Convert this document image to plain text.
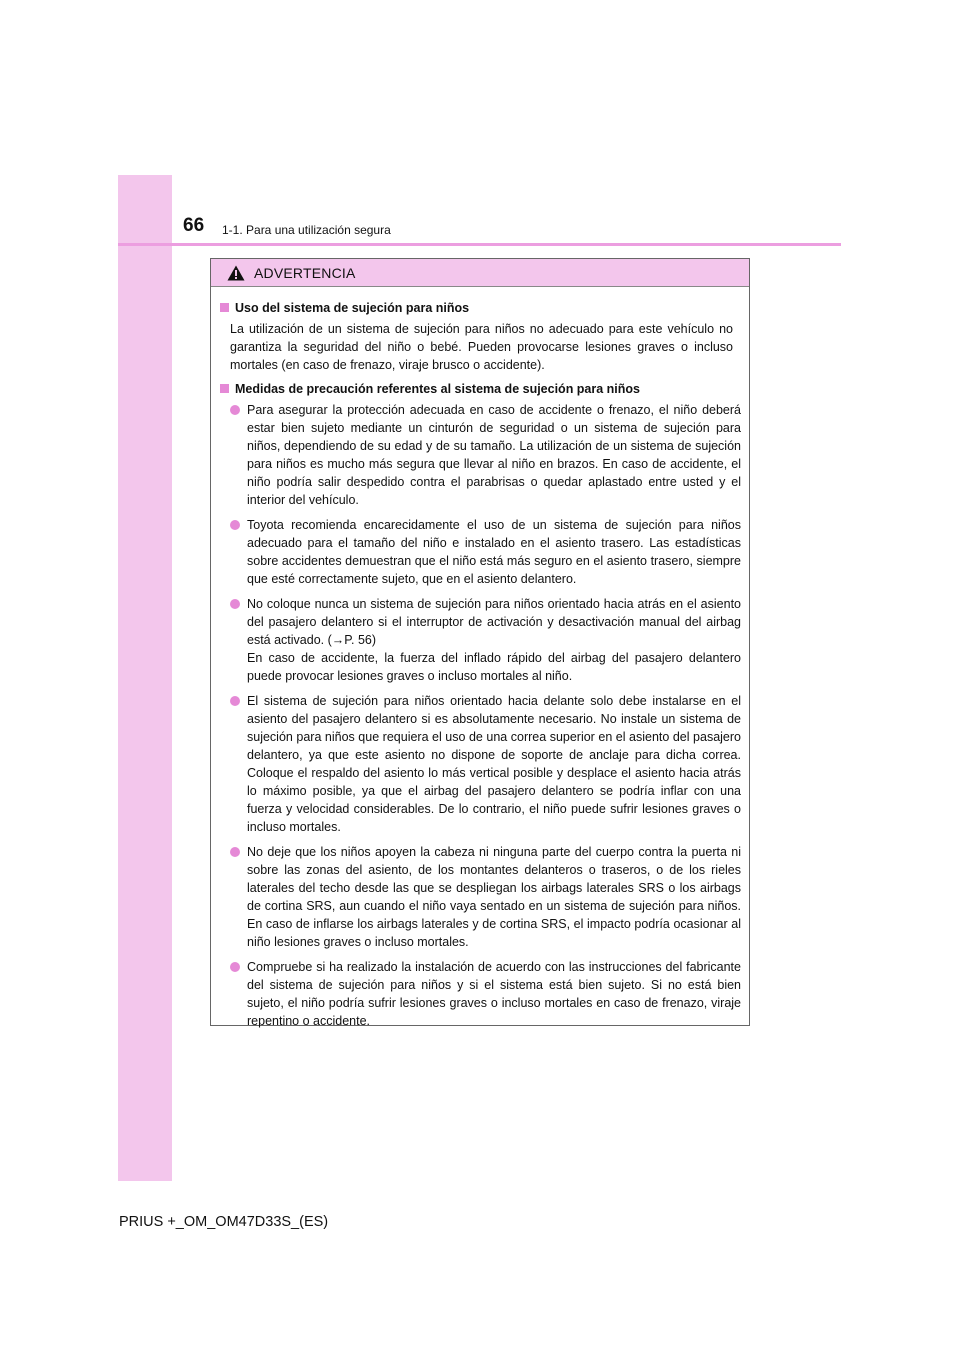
66 1-1. Para una utilización segura
ADVERTENCIA
Uso del sistema de sujeción para niños

La utilización de un sistema de sujeción para niños no adecuado para este vehículo no garantiza la seguridad del niño o bebé. Pueden provocarse lesiones graves o incluso mortales (en caso de frenazo, viraje brusco o accidente).

Medidas de precaución referentes al sistema de sujeción para niños

Para asegurar la protección adecuada en caso de accidente o frenazo, el niño deberá estar bien sujeto mediante un cinturón de seguridad o un sistema de sujeción para niños, dependiendo de su edad y de su tamaño. La utilización de un sistema de sujeción para niños es mucho más segura que llevar al niño en brazos. En caso de accidente, el niño podría salir despedido contra el parabrisas o quedar aplastado entre usted y el interior del vehículo.

Toyota recomienda encarecidamente el uso de un sistema de sujeción para niños adecuado para el tamaño del niño e instalado en el asiento trasero. Las estadísticas sobre accidentes demuestran que el niño está más seguro en el asiento trasero, siempre que esté correctamente sujeto, que en el asiento delantero.

No coloque nunca un sistema de sujeción para niños orientado hacia atrás en el asiento del pasajero delantero si el interruptor de activación y desactivación manual del airbag está activado. (→P. 56)

En caso de accidente, la fuerza del inflado rápido del airbag del pasajero delantero puede provocar lesiones graves o incluso mortales al niño.

El sistema de sujeción para niños orientado hacia delante solo debe instalarse en el asiento del pasajero delantero si es absolutamente necesario. No instale un sistema de sujeción para niños que requiera el uso de una correa superior en el asiento del pasajero delantero, ya que este asiento no dispone de soporte de anclaje para dicha correa. Coloque el respaldo del asiento lo más vertical posible y desplace el asiento hacia atrás lo máximo posible, ya que el airbag del pasajero delantero se podría inflar con una fuerza y velocidad considerables. De lo contrario, el niño puede sufrir lesiones graves o incluso mortales.

No deje que los niños apoyen la cabeza ni ninguna parte del cuerpo contra la puerta ni sobre las zonas del asiento, de los montantes delanteros o traseros, o de los rieles laterales del techo desde las que se despliegan los airbags laterales SRS o los airbags de cortina SRS, aun cuando el niño vaya sentado en un sistema de sujeción para niños. En caso de inflarse los airbags laterales y de cortina SRS, el impacto podría ocasionar al niño lesiones graves o incluso mortales.

Compruebe si ha realizado la instalación de acuerdo con las instrucciones del fabricante del sistema de sujeción para niños y si el sistema está bien sujeto. Si no está bien sujeto, el niño podría sufrir lesiones graves o incluso mortales en caso de frenazo, viraje repentino o accidente.

PRIUS +_OM_OM47D33S_(ES)
